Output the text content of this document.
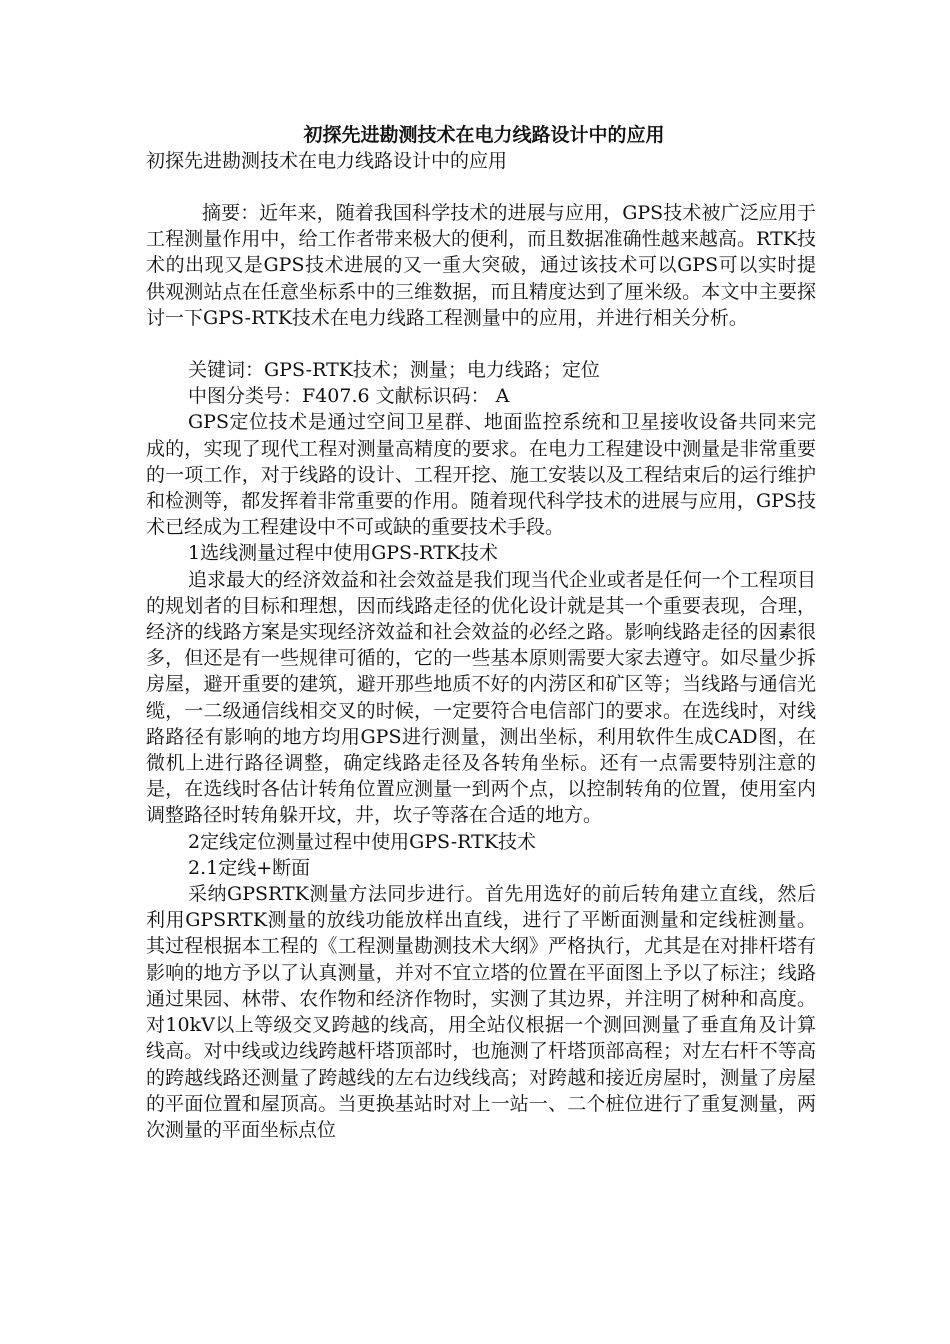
初探先进勘测技术在电力线路设计中的应用

初探先进勘测技术在电力线路设计中的应用

摘要：近年来，随着我国科学技术的进展与应用，GPS技术被广泛应用于工程测量作用中，给工作者带来极大的便利，而且数据准确性越来越高。RTK技术的出现又是GPS技术进展的又一重大突破，通过该技术可以GPS可以实时提供观测站点在任意坐标系中的三维数据，而且精度达到了厘米级。本文中主要探讨一下GPS-RTK技术在电力线路工程测量中的应用，并进行相关分析。

关键词：GPS-RTK技术；测量；电力线路；定位

中图分类号：F407.6 文献标识码： A

GPS定位技术是通过空间卫星群、地面监控系统和卫星接收设备共同来完成的，实现了现代工程对测量高精度的要求。在电力工程建设中测量是非常重要的一项工作，对于线路的设计、工程开挖、施工安装以及工程结束后的运行维护和检测等，都发挥着非常重要的作用。随着现代科学技术的进展与应用，GPS技术已经成为工程建设中不可或缺的重要技术手段。

1选线测量过程中使用GPS-RTK技术

追求最大的经济效益和社会效益是我们现当代企业或者是任何一个工程项目的规划者的目标和理想，因而线路走径的优化设计就是其一个重要表现，合理，经济的线路方案是实现经济效益和社会效益的必经之路。影响线路走径的因素很多，但还是有一些规律可循的，它的一些基本原则需要大家去遵守。如尽量少拆房屋，避开重要的建筑，避开那些地质不好的内涝区和矿区等；当线路与通信光缆，一二级通信线相交叉的时候，一定要符合电信部门的要求。在选线时，对线路路径有影响的地方均用GPS进行测量，测出坐标，利用软件生成CAD图，在微机上进行路径调整，确定线路走径及各转角坐标。还有一点需要特别注意的是，在选线时各估计转角位置应测量一到两个点，以控制转角的位置，使用室内调整路径时转角躲开坟，井，坎子等落在合适的地方。

2定线定位测量过程中使用GPS-RTK技术

2.1定线+断面

采纳GPSRTK测量方法同步进行。首先用选好的前后转角建立直线，然后利用GPSRTK测量的放线功能放样出直线，进行了平断面测量和定线桩测量。其过程根据本工程的《工程测量勘测技术大纲》严格执行，尤其是在对排杆塔有影响的地方予以了认真测量，并对不宜立塔的位置在平面图上予以了标注；线路通过果园、林带、农作物和经济作物时，实测了其边界，并注明了树种和高度。对10kV以上等级交叉跨越的线高，用全站仪根据一个测回测量了垂直角及计算线高。对中线或边线跨越杆塔顶部时，也施测了杆塔顶部高程；对左右杆不等高的跨越线路还测量了跨越线的左右边线线高；对跨越和接近房屋时，测量了房屋的平面位置和屋顶高。当更换基站时对上一站一、二个桩位进行了重复测量，两次测量的平面坐标点位
